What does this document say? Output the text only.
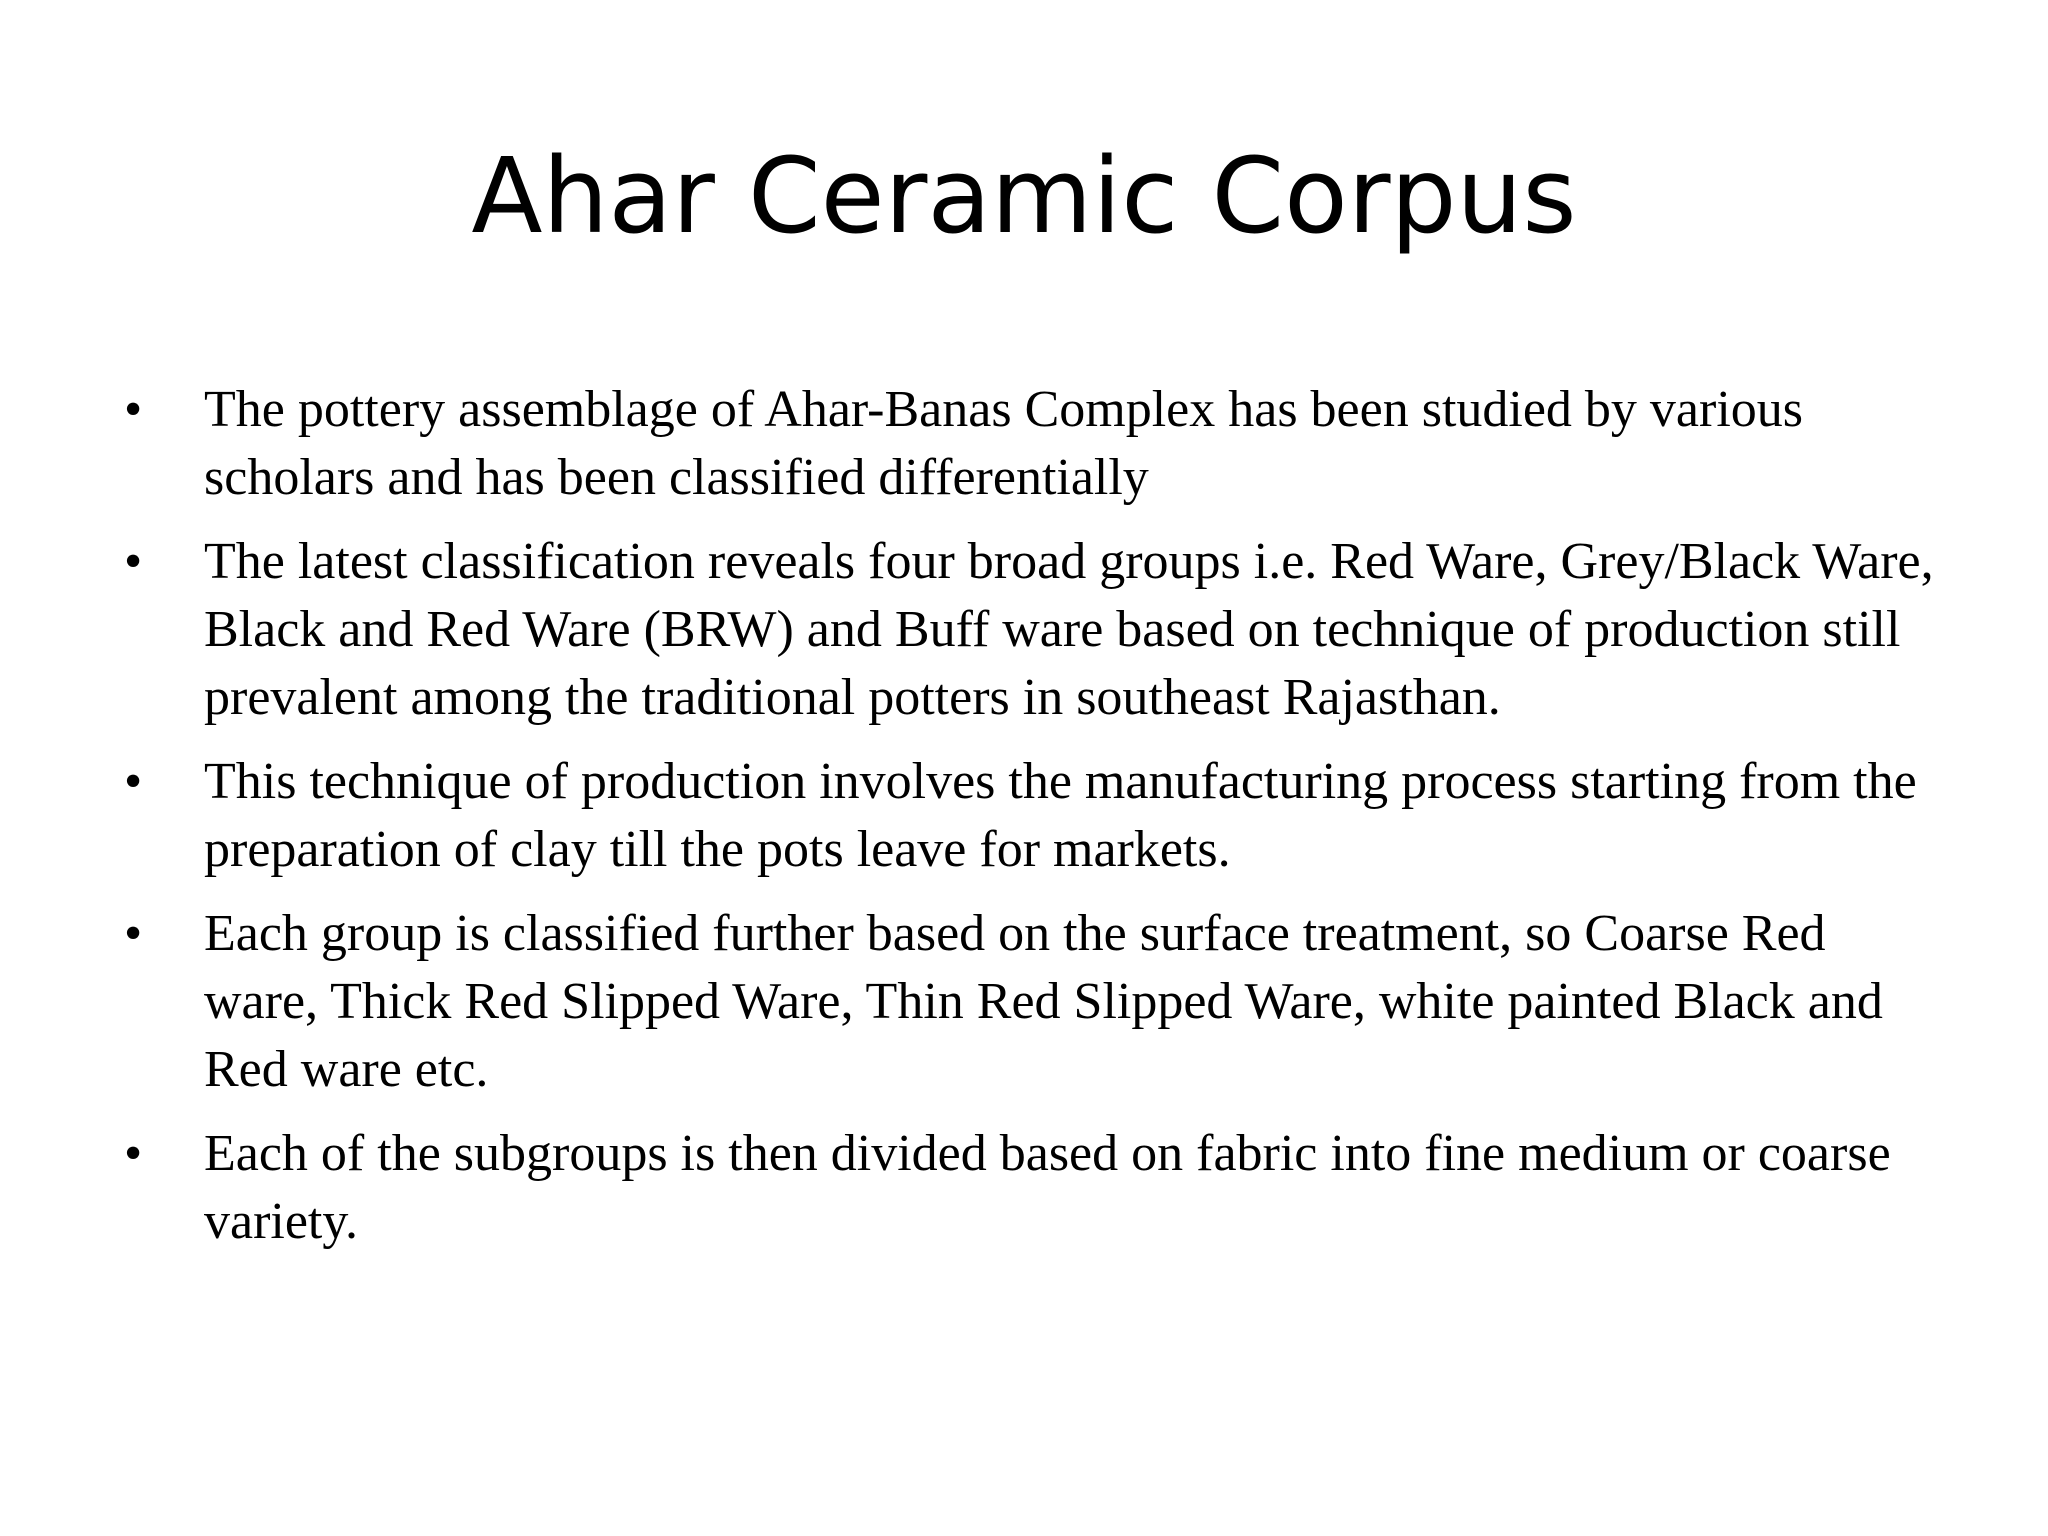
Ahar Ceramic Corpus
•	The pottery assemblage of Ahar-Banas Complex has been studied by various scholars and has been classified differentially
•	The latest classification reveals four broad groups i.e. Red Ware, Grey/Black Ware, Black and Red Ware (BRW) and Buff ware based on technique of production still prevalent among the traditional potters in southeast Rajasthan.
•	This technique of production involves the manufacturing process starting from the preparation of clay till the pots leave for markets.
•	Each group is classified further based on the surface treatment, so Coarse Red ware, Thick Red Slipped Ware, Thin Red Slipped Ware, white painted Black and Red ware etc.
•	Each of the subgroups is then divided based on fabric into fine medium or coarse variety.
